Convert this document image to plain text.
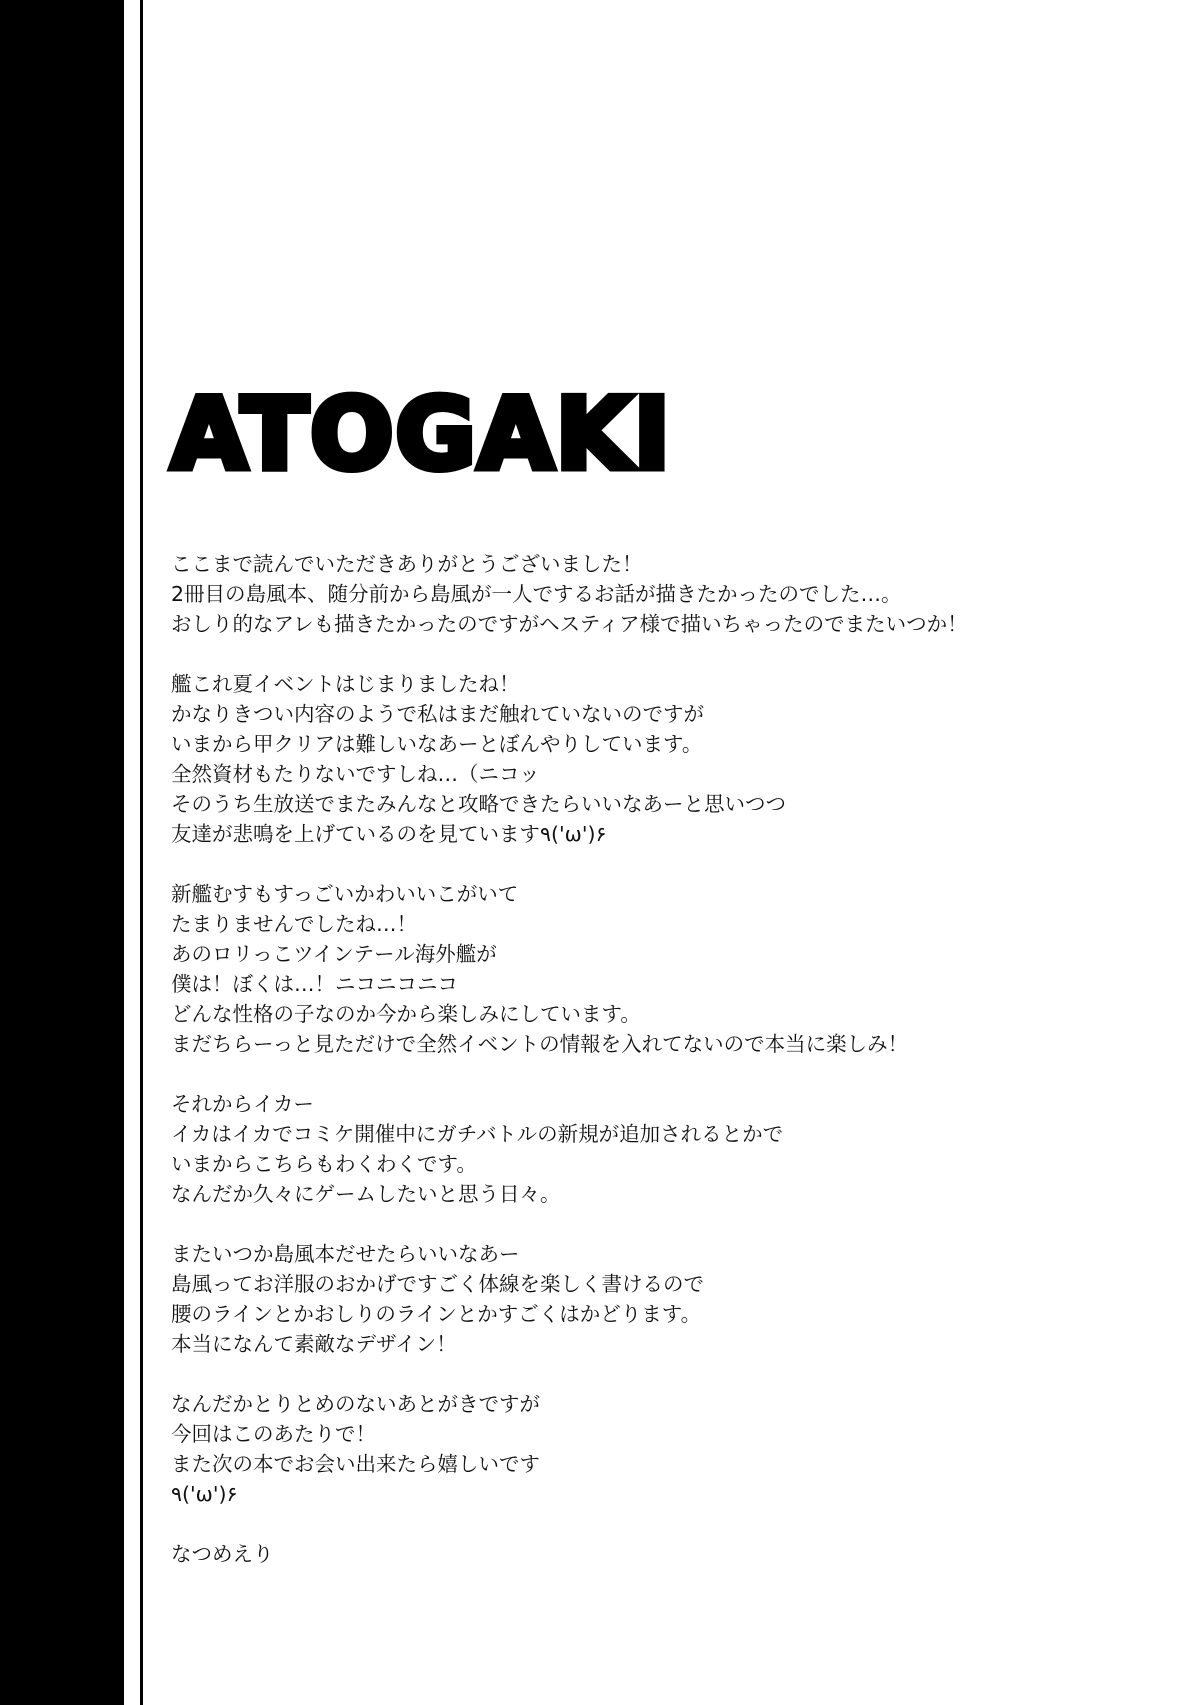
ATOGAKI

ここまで読んでいただきありがとうございました！
2冊目の島風本、随分前から島風が一人でするお話が描きたかったのでした…。
おしり的なアレも描きたかったのですがヘスティア様で描いちゃったのでまたいつか！

艦これ夏イベントはじまりましたね！
かなりきつい内容のようで私はまだ触れていないのですが
いまから甲クリアは難しいなあーとぼんやりしています。
全然資材もたりないですしね…（ニコッ
そのうち生放送でまたみんなと攻略できたらいいなあーと思いつつ
友達が悲鳴を上げているのを見ています٩('ω')۶

新艦むすもすっごいかわいいこがいて
たまりませんでしたね…！
あのロリっこツインテール海外艦が
僕は！ぼくは…！ニコニコニコ
どんな性格の子なのか今から楽しみにしています。
まだちらーっと見ただけで全然イベントの情報を入れてないので本当に楽しみ！

それからイカー
イカはイカでコミケ開催中にガチバトルの新規が追加されるとかで
いまからこちらもわくわくです。
なんだか久々にゲームしたいと思う日々。

またいつか島風本だせたらいいなあー
島風ってお洋服のおかげですごく体線を楽しく書けるので
腰のラインとかおしりのラインとかすごくはかどります。
本当になんて素敵なデザイン！

なんだかとりとめのないあとがきですが
今回はこのあたりで！
また次の本でお会い出来たら嬉しいです
٩('ω')۶

なつめえり
